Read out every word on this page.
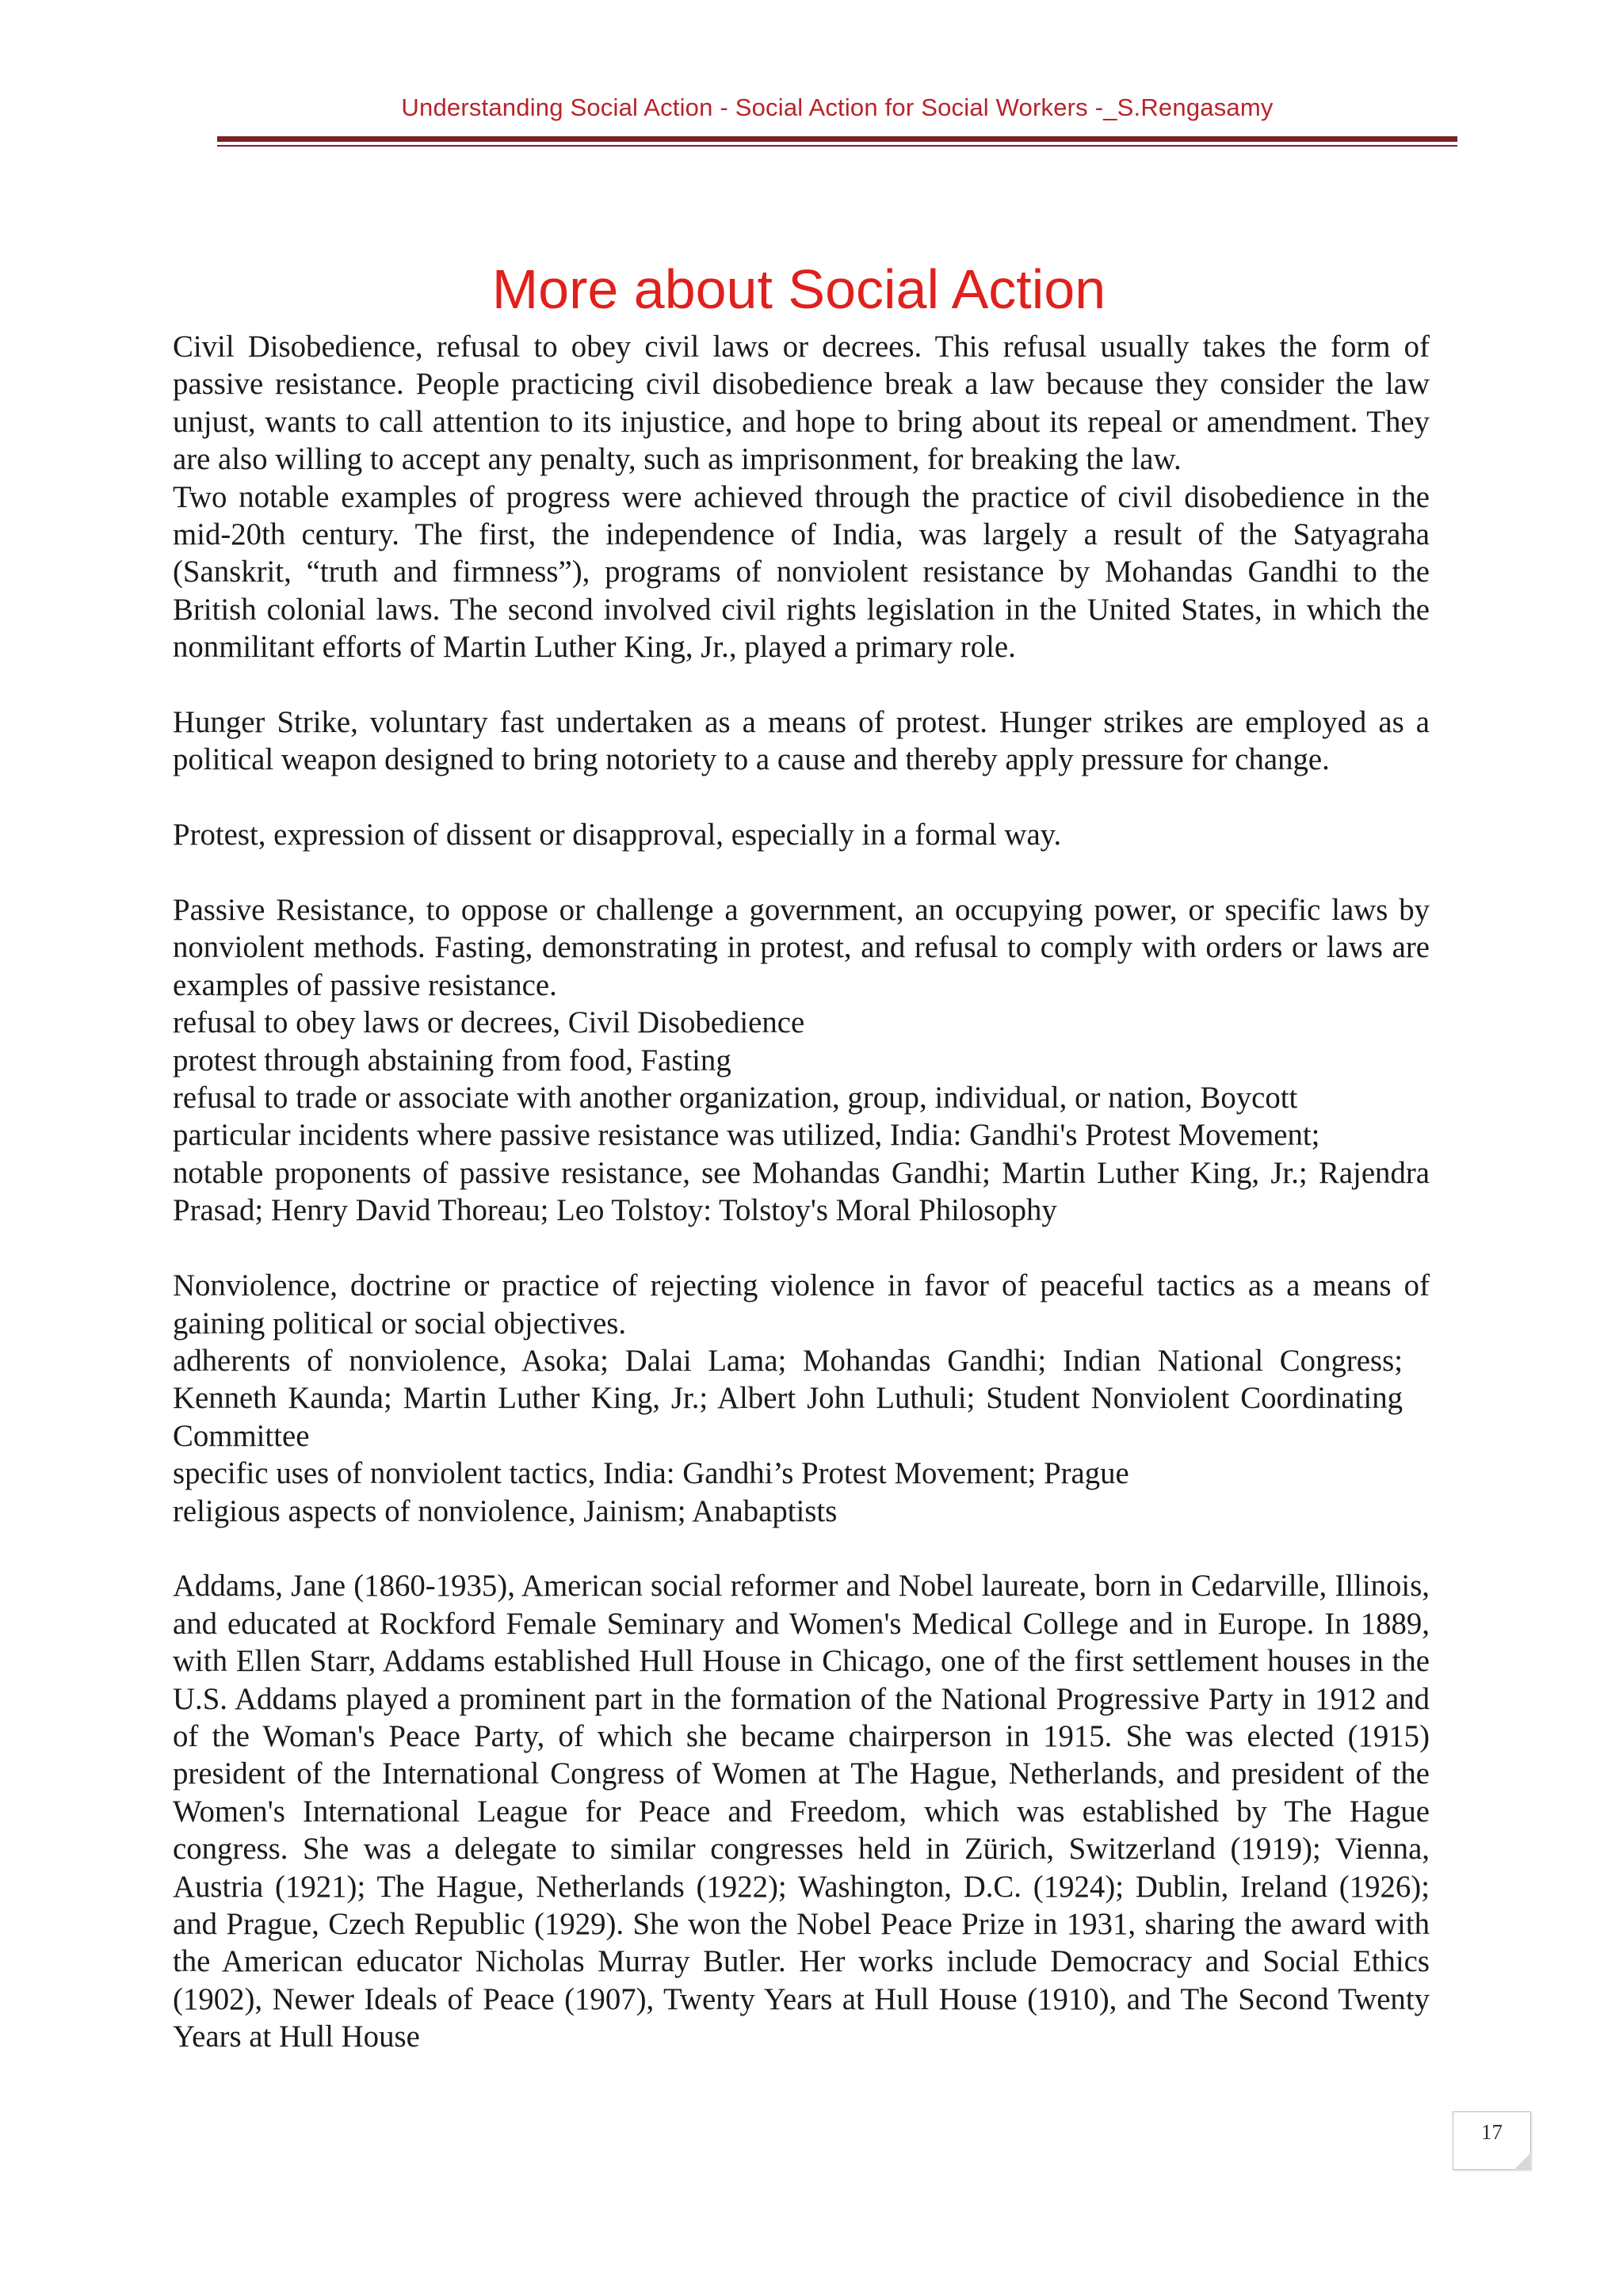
Understanding Social Action - Social Action for Social Workers -_S.Rengasamy
More about Social Action

Civil Disobedience, refusal to obey civil laws or decrees. This refusal usually takes the form of passive resistance. People practicing civil disobedience break a law because they consider the law unjust, wants to call attention to its injustice, and hope to bring about its repeal or amendment. They are also willing to accept any penalty, such as imprisonment, for breaking the law.

Two notable examples of progress were achieved through the practice of civil disobedience in the mid-20th century. The first, the independence of India, was largely a result of the Satyagraha (Sanskrit, “truth and firmness”), programs of nonviolent resistance by Mohandas Gandhi to the British colonial laws. The second involved civil rights legislation in the United States, in which the nonmilitant efforts of Martin Luther King, Jr., played a primary role.

Hunger Strike, voluntary fast undertaken as a means of protest. Hunger strikes are employed as a political weapon designed to bring notoriety to a cause and thereby apply pressure for change.

Protest, expression of dissent or disapproval, especially in a formal way.

Passive Resistance, to oppose or challenge a government, an occupying power, or specific laws by nonviolent methods. Fasting, demonstrating in protest, and refusal to comply with orders or laws are examples of passive resistance.

refusal to obey laws or decrees, Civil Disobedience

protest through abstaining from food, Fasting

refusal to trade or associate with another organization, group, individual, or nation, Boycott

particular incidents where passive resistance was utilized, India: Gandhi's Protest Movement;

notable proponents of passive resistance, see Mohandas Gandhi; Martin Luther King, Jr.; Rajendra Prasad; Henry David Thoreau; Leo Tolstoy: Tolstoy's Moral Philosophy

Nonviolence, doctrine or practice of rejecting violence in favor of peaceful tactics as a means of gaining political or social objectives.

adherents of nonviolence, Asoka; Dalai Lama; Mohandas Gandhi; Indian National Congress; Kenneth Kaunda; Martin Luther King, Jr.; Albert John Luthuli; Student Nonviolent Coordinating Committee

specific uses of nonviolent tactics, India: Gandhi’s Protest Movement; Prague

religious aspects of nonviolence, Jainism; Anabaptists

Addams, Jane (1860-1935), American social reformer and Nobel laureate, born in Cedarville, Illinois, and educated at Rockford Female Seminary and Women's Medical College and in Europe. In 1889, with Ellen Starr, Addams established Hull House in Chicago, one of the first settlement houses in the U.S. Addams played a prominent part in the formation of the National Progressive Party in 1912 and of the Woman's Peace Party, of which she became chairperson in 1915. She was elected (1915) president of the International Congress of Women at The Hague, Netherlands, and president of the Women's International League for Peace and Freedom, which was established by The Hague congress. She was a delegate to similar congresses held in Zürich, Switzerland (1919); Vienna, Austria (1921); The Hague, Netherlands (1922); Washington, D.C. (1924); Dublin, Ireland (1926); and Prague, Czech Republic (1929). She won the Nobel Peace Prize in 1931, sharing the award with the American educator Nicholas Murray Butler. Her works include Democracy and Social Ethics (1902), Newer Ideals of Peace (1907), Twenty Years at Hull House (1910), and The Second Twenty Years at Hull House

17
